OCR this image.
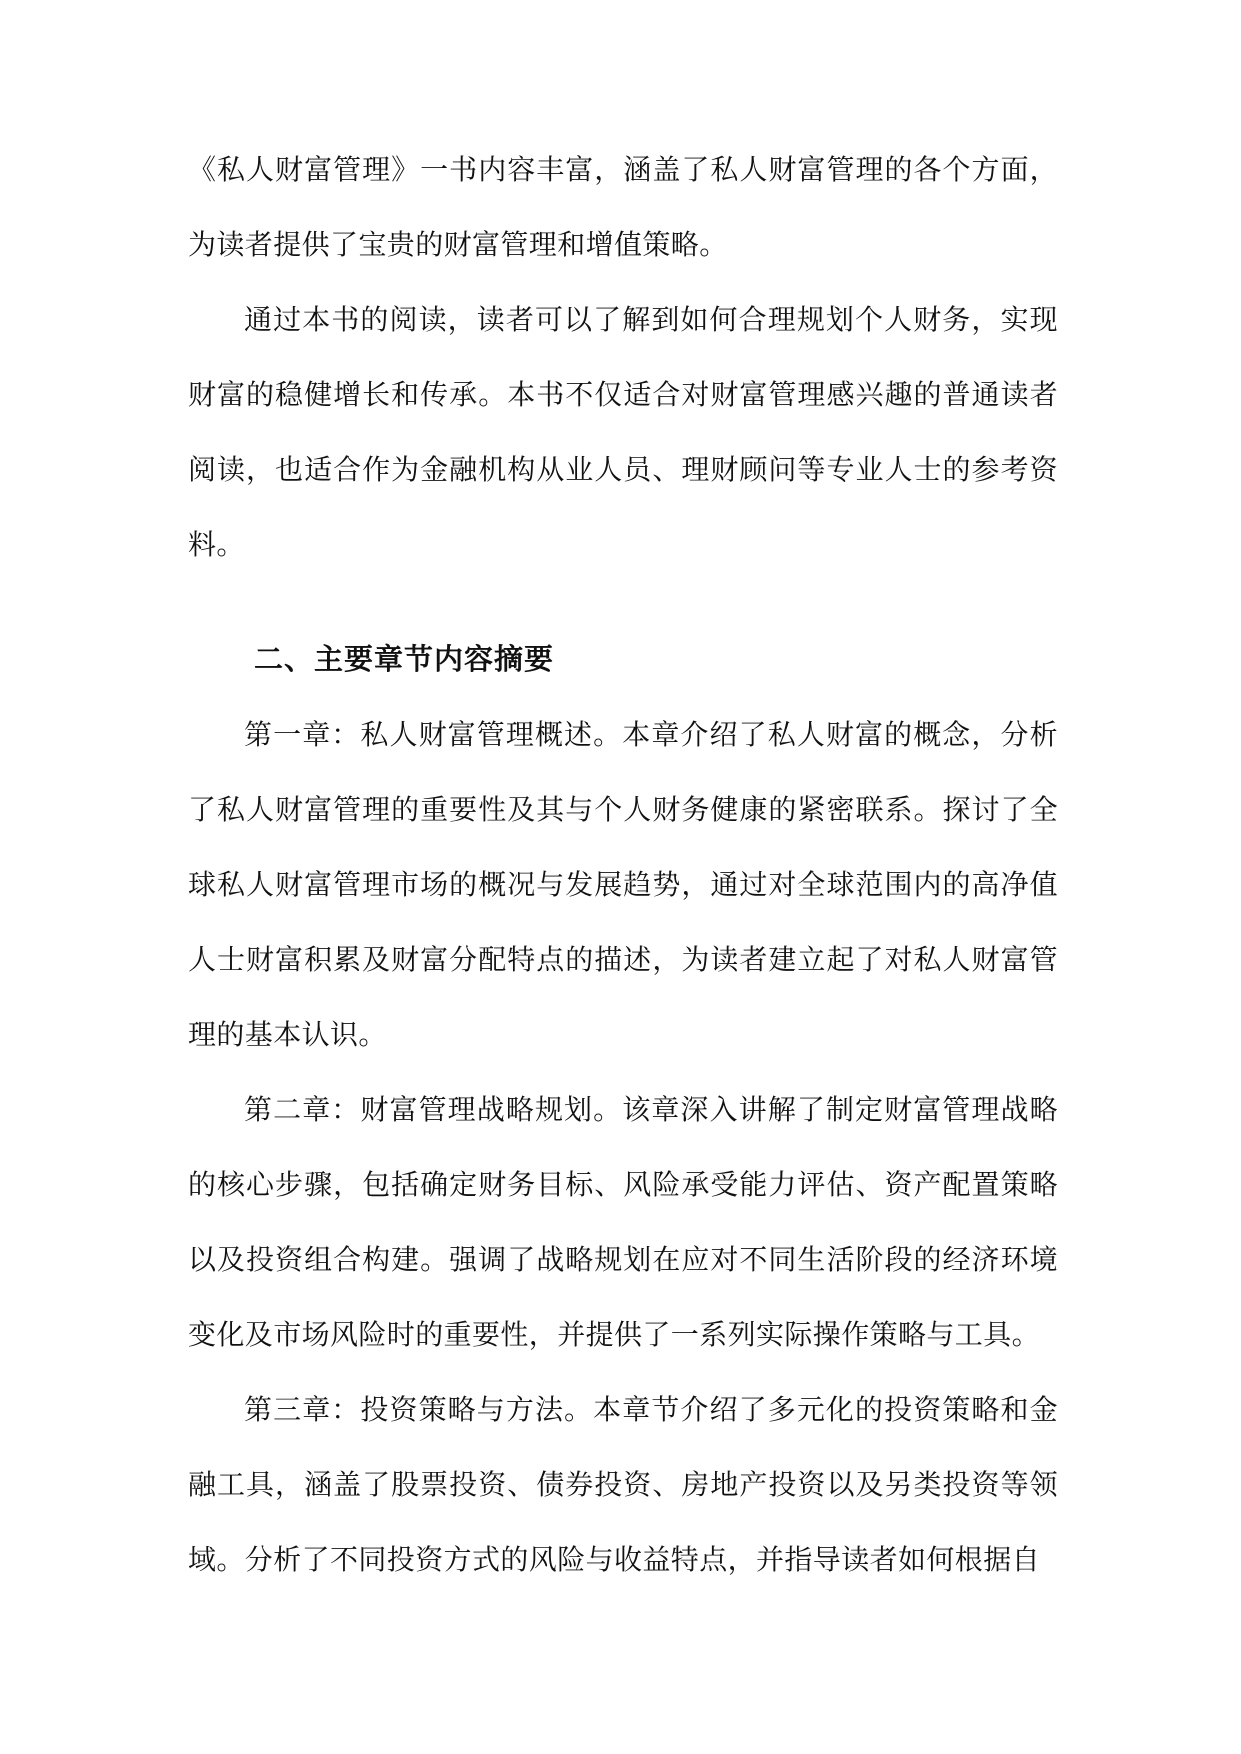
《私人财富管理》一书内容丰富，涵盖了私人财富管理的各个方面，为读者提供了宝贵的财富管理和增值策略。

通过本书的阅读，读者可以了解到如何合理规划个人财务，实现财富的稳健增长和传承。本书不仅适合对财富管理感兴趣的普通读者阅读，也适合作为金融机构从业人员、理财顾问等专业人士的参考资料。

二、主要章节内容摘要

第一章：私人财富管理概述。本章介绍了私人财富的概念，分析了私人财富管理的重要性及其与个人财务健康的紧密联系。探讨了全球私人财富管理市场的概况与发展趋势，通过对全球范围内的高净值人士财富积累及财富分配特点的描述，为读者建立起了对私人财富管理的基本认识。

第二章：财富管理战略规划。该章深入讲解了制定财富管理战略的核心步骤，包括确定财务目标、风险承受能力评估、资产配置策略以及投资组合构建。强调了战略规划在应对不同生活阶段的经济环境变化及市场风险时的重要性，并提供了一系列实际操作策略与工具。

第三章：投资策略与方法。本章节介绍了多元化的投资策略和金融工具，涵盖了股票投资、债券投资、房地产投资以及另类投资等领域。分析了不同投资方式的风险与收益特点，并指导读者如何根据自
